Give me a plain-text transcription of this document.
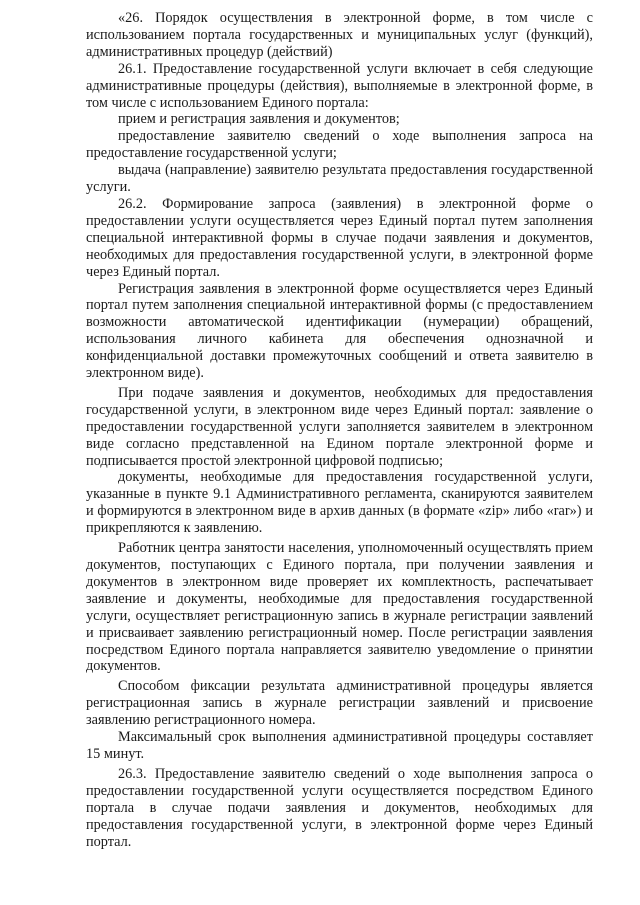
«26. Порядок осуществления в электронной форме, в том числе с использованием портала государственных и муниципальных услуг (функций), административных процедур (действий)

26.1. Предоставление государственной услуги включает в себя следующие административные процедуры (действия), выполняемые в электронной форме, в том числе с использованием Единого портала:

прием и регистрация заявления и документов;

предоставление заявителю сведений о ходе выполнения запроса на предоставление государственной услуги;

выдача (направление) заявителю результата предоставления государственной услуги.

26.2. Формирование запроса (заявления) в электронной форме о предоставлении услуги осуществляется через Единый портал путем заполнения специальной интерактивной формы в случае подачи заявления и документов, необходимых для предоставления государственной услуги, в электронной форме через Единый портал.

Регистрация заявления в электронной форме осуществляется через Единый портал путем заполнения специальной интерактивной формы (с предоставлением возможности автоматической идентификации (нумерации) обращений, использования личного кабинета для обеспечения однозначной и конфиденциальной доставки промежуточных сообщений и ответа заявителю в электронном виде).

При подаче заявления и документов, необходимых для предоставления государственной услуги, в электронном виде через Единый портал: заявление о предоставлении государственной услуги заполняется заявителем в электронном виде согласно представленной на Едином портале электронной форме и подписывается простой электронной цифровой подписью;

документы, необходимые для предоставления государственной услуги, указанные в пункте 9.1 Административного регламента, сканируются заявителем и формируются в электронном виде в архив данных (в формате «zip» либо «rar») и прикрепляются к заявлению.

Работник центра занятости населения, уполномоченный осуществлять прием документов, поступающих с Единого портала, при получении заявления и документов в электронном виде проверяет их комплектность, распечатывает заявление и документы, необходимые для предоставления государственной услуги, осуществляет регистрационную запись в журнале регистрации заявлений и присваивает заявлению регистрационный номер. После регистрации заявления посредством Единого портала направляется заявителю уведомление о принятии документов.

Способом фиксации результата административной процедуры является регистрационная запись в журнале регистрации заявлений и присвоение заявлению регистрационного номера.

Максимальный срок выполнения административной процедуры составляет 15 минут.

26.3. Предоставление заявителю сведений о ходе выполнения запроса о предоставлении государственной услуги осуществляется посредством Единого портала в случае подачи заявления и документов, необходимых для предоставления государственной услуги, в электронной форме через Единый портал.
